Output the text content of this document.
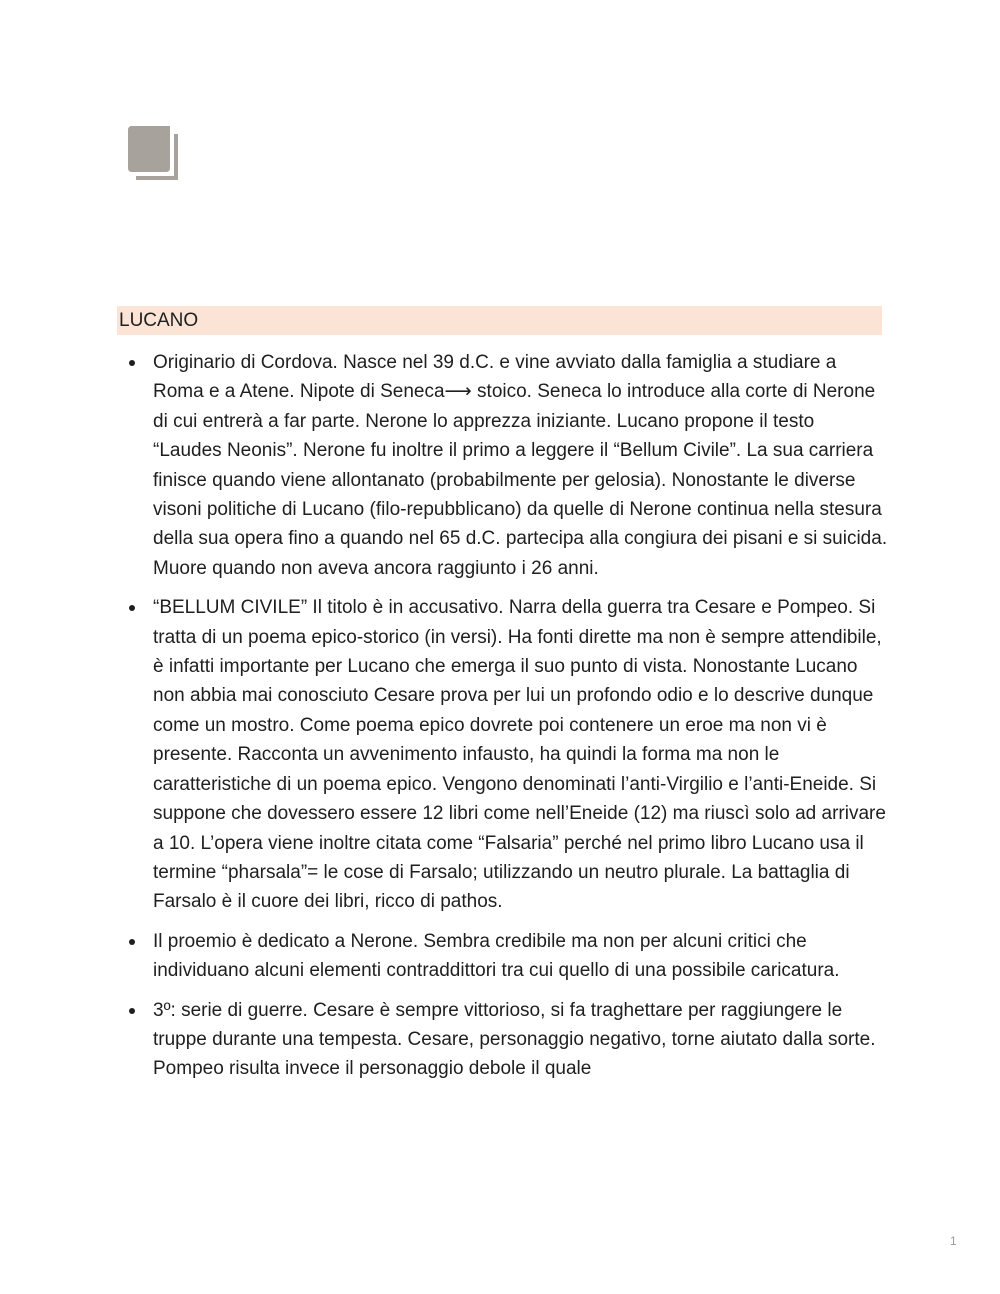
LUCANO
Originario di Cordova. Nasce nel 39 d.C. e vine avviato dalla famiglia a studiare a Roma e a Atene. Nipote di Seneca⟶ stoico. Seneca lo introduce alla corte di Nerone di cui entrerà a far parte. Nerone lo apprezza iniziante. Lucano propone il testo “Laudes Neonis”. Nerone fu inoltre il primo a leggere il “Bellum Civile”. La sua carriera finisce quando viene allontanato (probabilmente per gelosia). Nonostante le diverse visoni politiche di Lucano (filo-repubblicano) da quelle di Nerone continua nella stesura della sua opera fino a quando nel 65 d.C. partecipa alla congiura dei pisani e si suicida. Muore quando non aveva ancora raggiunto i 26 anni.
“BELLUM CIVILE” Il titolo è in accusativo. Narra della guerra tra Cesare e Pompeo. Si tratta di un poema epico-storico (in versi). Ha fonti dirette ma non è sempre attendibile, è infatti importante per Lucano che emerga il suo punto di vista. Nonostante Lucano non abbia mai conosciuto Cesare prova per lui un profondo odio e lo descrive dunque come un mostro. Come poema epico dovrete poi contenere un eroe ma non vi è presente. Racconta un avvenimento infausto, ha quindi la forma ma non le caratteristiche di un poema epico. Vengono denominati l’anti-Virgilio e l’anti-Eneide. Si suppone che dovessero essere 12 libri come nell’Eneide (12) ma riuscì solo ad arrivare a 10. L’opera viene inoltre citata come “Falsaria” perché nel primo libro Lucano usa il termine “pharsala”= le cose di Farsalo; utilizzando un neutro plurale. La battaglia di Farsalo è il cuore dei libri, ricco di pathos.
Il proemio è dedicato a Nerone. Sembra credibile ma non per alcuni critici che individuano alcuni elementi contraddittori tra cui quello di una possibile caricatura.
3º: serie di guerre. Cesare è sempre vittorioso, si fa traghettare per raggiungere le truppe durante una tempesta. Cesare, personaggio negativo, torne aiutato dalla sorte. Pompeo risulta invece il personaggio debole il quale
1
